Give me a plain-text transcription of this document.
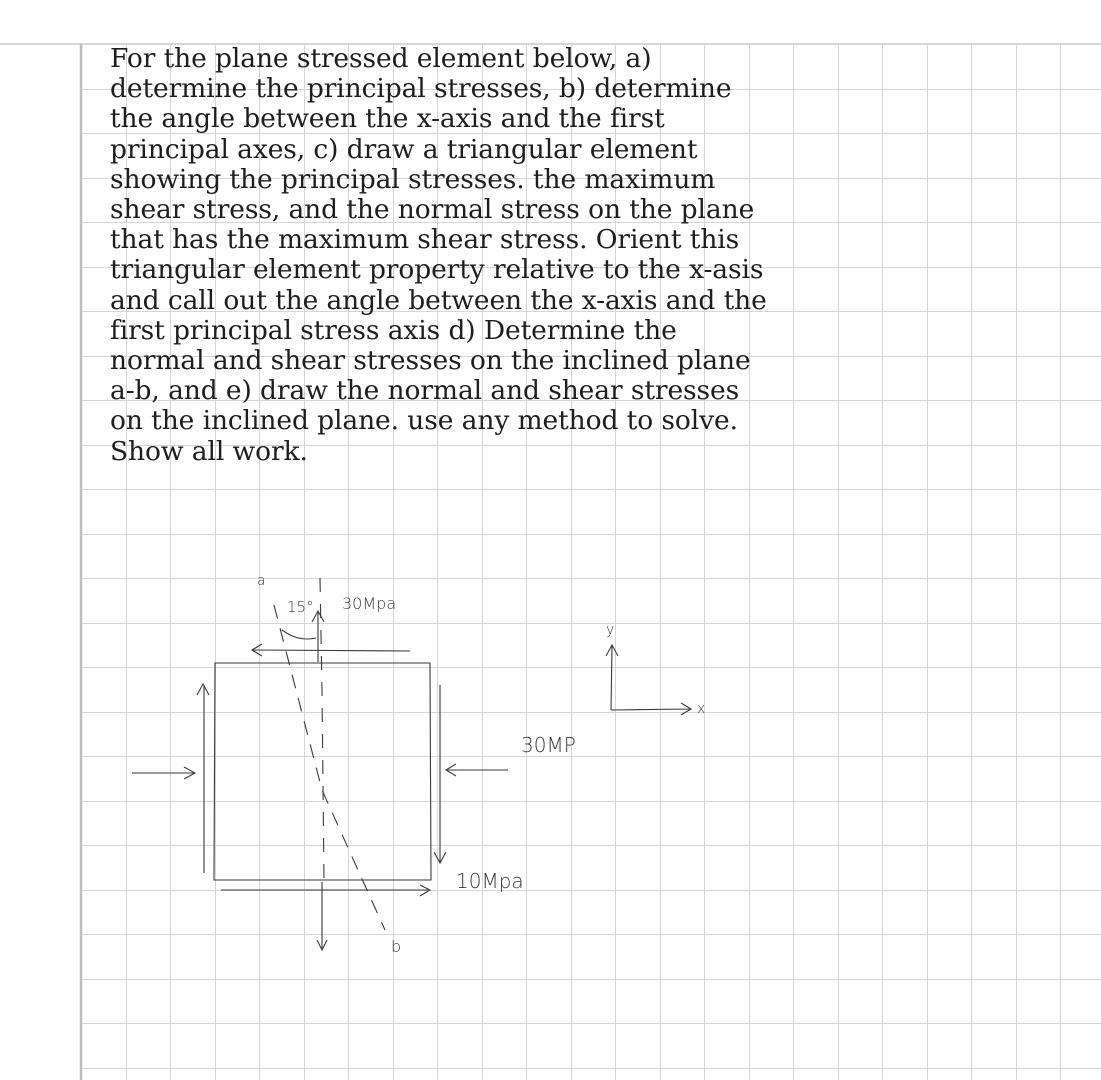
For the plane stressed element below, a)
determine the principal stresses, b) determine
the angle between the x-axis and the first
principal axes, c) draw a triangular element
showing the principal stresses. the maximum
shear stress, and the normal stress on the plane
that has the maximum shear stress. Orient this
triangular element property relative to the x-asis
and call out the angle between the x-axis and the
first principal stress axis d) Determine the
normal and shear stresses on the inclined plane
a-b, and e) draw the normal and shear stresses
on the inclined plane. use any method to solve.
Show all work.
a
15° 30Mpa
30MP
10Mpa
b
y
x
